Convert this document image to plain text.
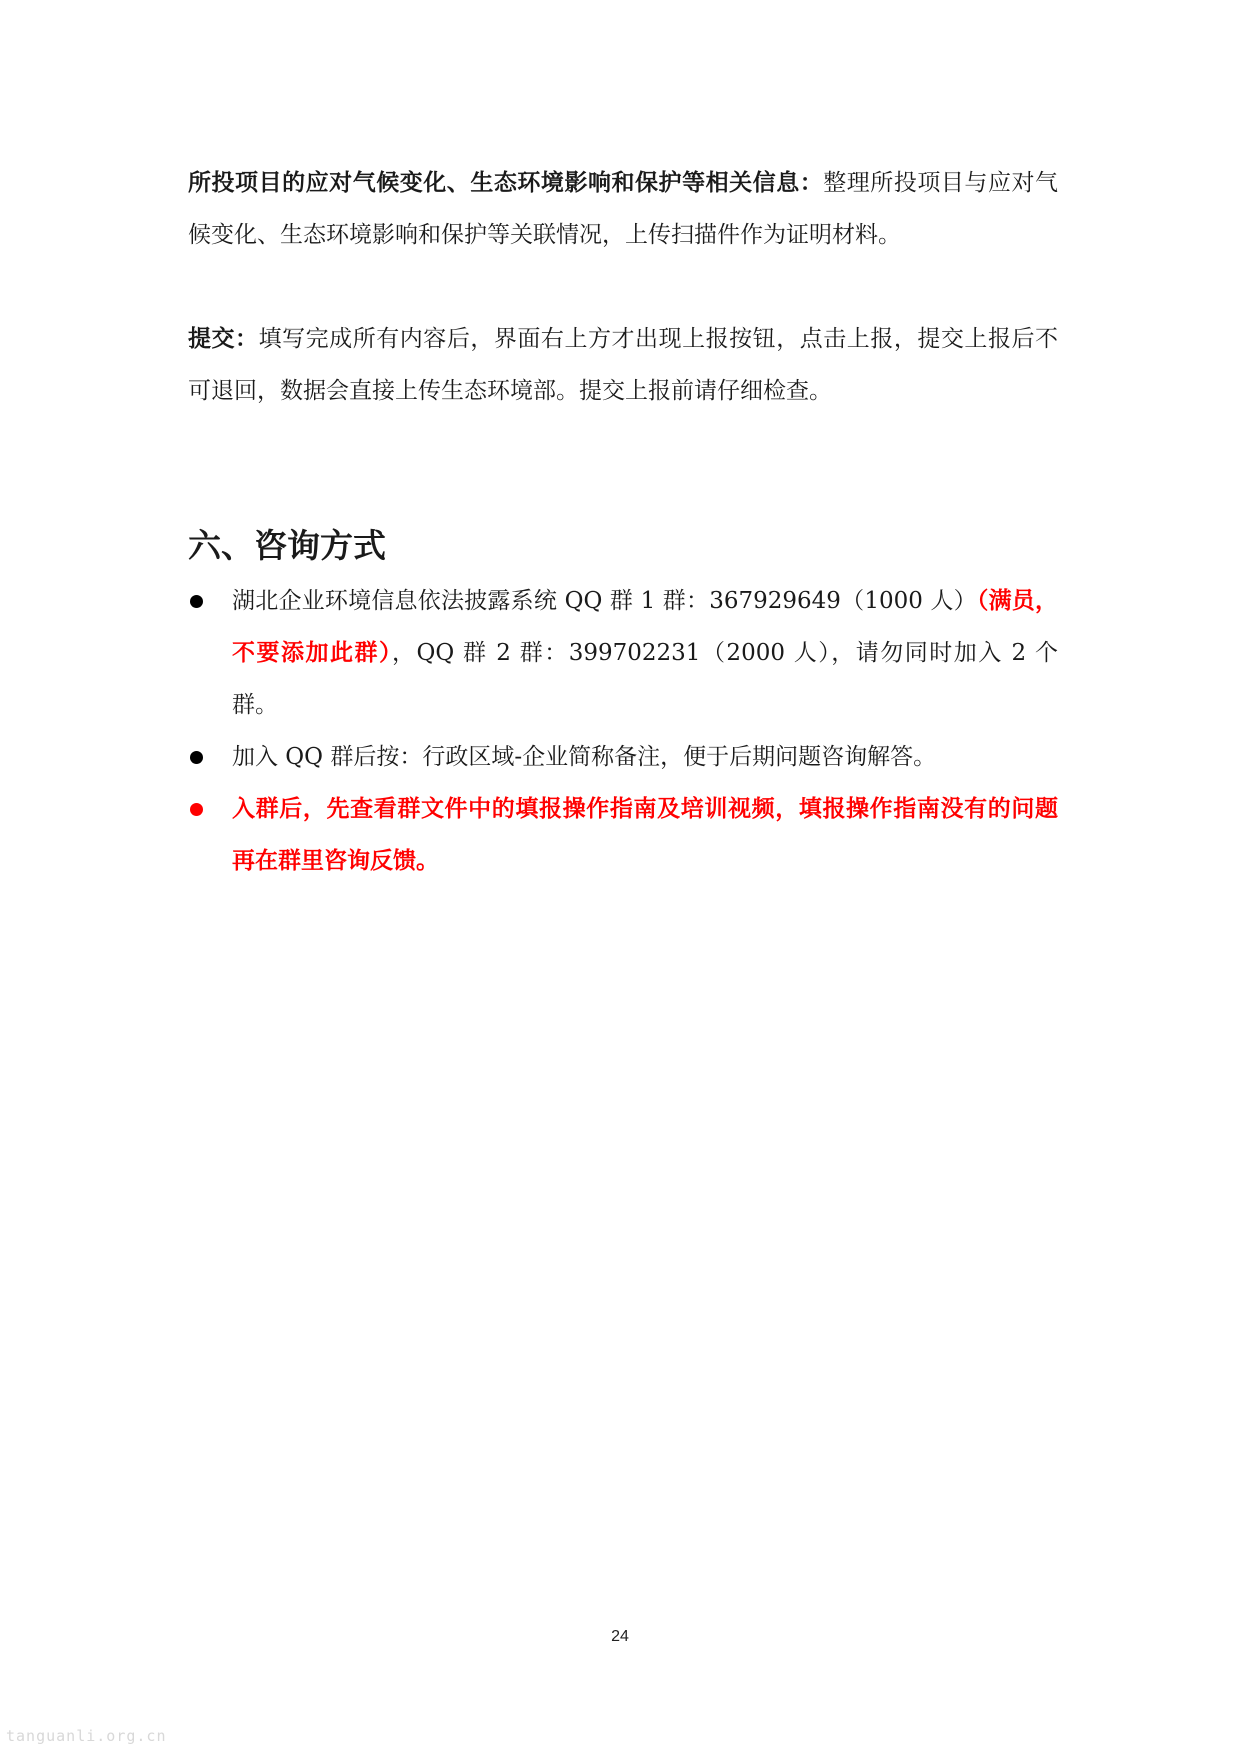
所投项目的应对气候变化、生态环境影响和保护等相关信息：整理所投项目与应对气候变化、生态环境影响和保护等关联情况，上传扫描件作为证明材料。

提交：填写完成所有内容后，界面右上方才出现上报按钮，点击上报，提交上报后不可退回，数据会直接上传生态环境部。提交上报前请仔细检查。

六、咨询方式
湖北企业环境信息依法披露系统 QQ 群 1 群：367929649（1000 人）（满员，不要添加此群），QQ 群 2 群：399702231（2000 人），请勿同时加入 2 个群。
加入 QQ 群后按：行政区域-企业简称备注，便于后期问题咨询解答。
入群后，先查看群文件中的填报操作指南及培训视频，填报操作指南没有的问题再在群里咨询反馈。
24
tanguanli.org.cn
